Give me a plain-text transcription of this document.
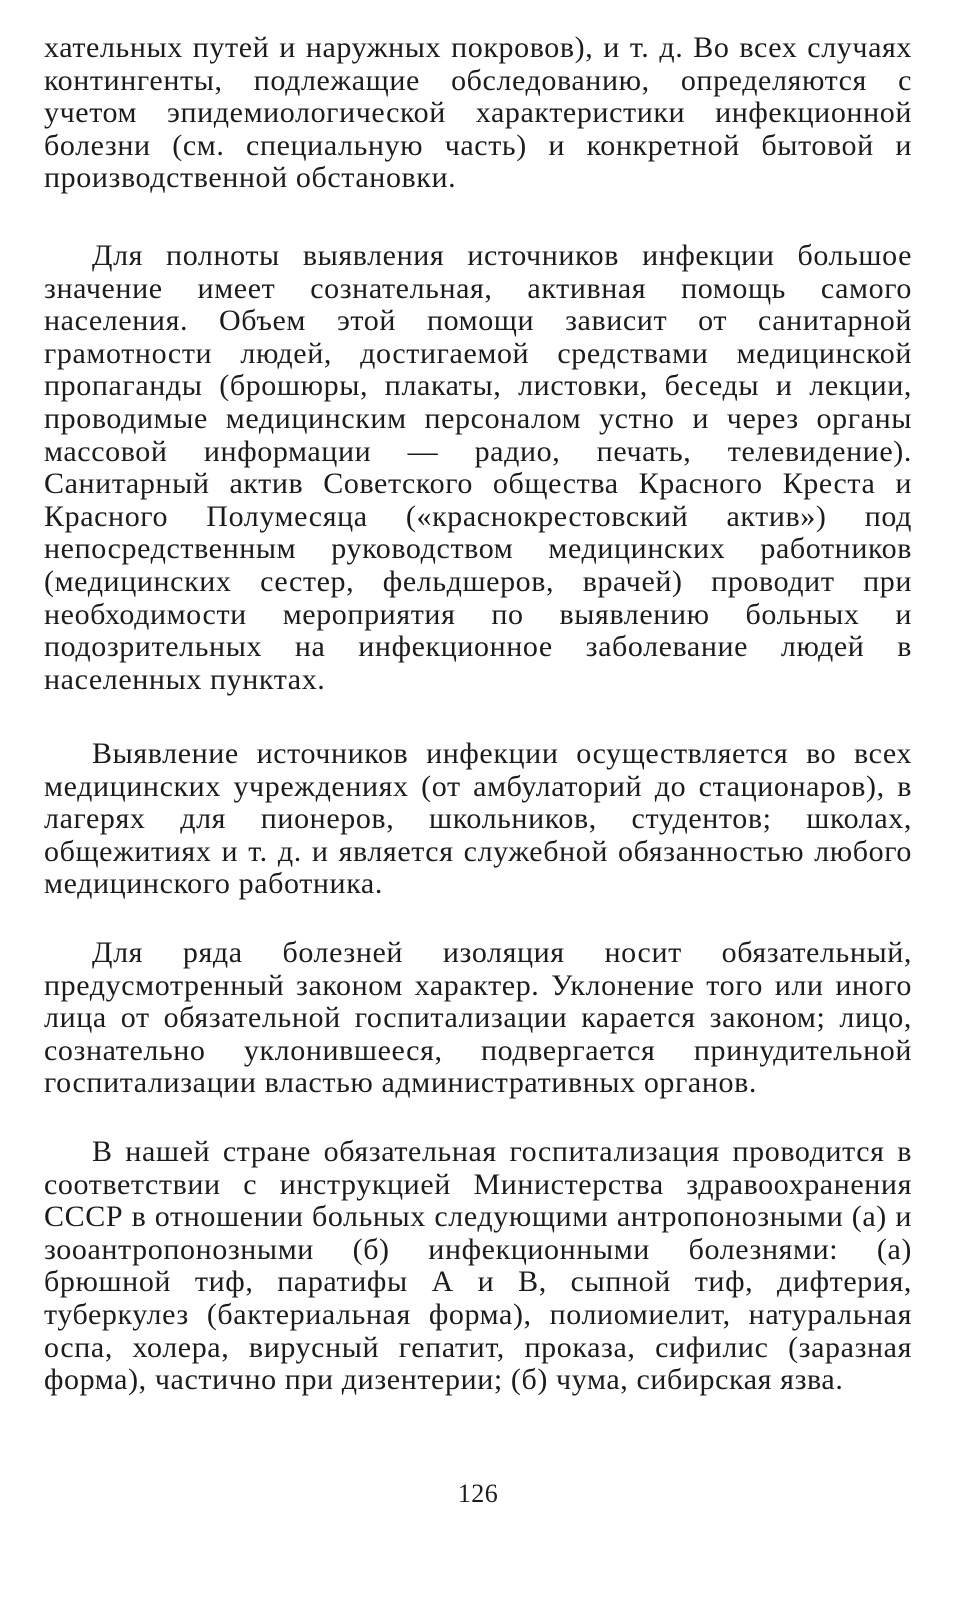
хательных путей и наружных покровов), и т. д. Во всех случаях контингенты, подлежащие обследованию, определяются с учетом эпидемиологической характеристики инфекционной болезни (см. специальную часть) и конкретной бытовой и производственной обстановки.

Для полноты выявления источников инфекции большое значение имеет сознательная, активная помощь самого населения. Объем этой помощи зависит от санитарной грамотности людей, достигаемой средствами медицинской пропаганды (брошюры, плакаты, листовки, беседы и лекции, проводимые медицинским персоналом устно и через органы массовой информации — радио, печать, телевидение). Санитарный актив Советского общества Красного Креста и Красного Полумесяца («краснокрестовский актив») под непосредственным руководством медицинских работников (медицинских сестер, фельдшеров, врачей) проводит при необходимости мероприятия по выявлению больных и подозрительных на инфекционное заболевание людей в населенных пунктах.

Выявление источников инфекции осуществляется во всех медицинских учреждениях (от амбулаторий до стационаров), в лагерях для пионеров, школьников, студентов; школах, общежитиях и т. д. и является служебной обязанностью любого медицинского работника.

Для ряда болезней изоляция носит обязательный, предусмотренный законом характер. Уклонение того или иного лица от обязательной госпитализации карается законом; лицо, сознательно уклонившееся, подвергается принудительной госпитализации властью административных органов.

В нашей стране обязательная госпитализация проводится в соответствии с инструкцией Министерства здравоохранения СССР в отношении больных следующими антропонозными (а) и зооантропонозными (б) инфекционными болезнями: (а) брюшной тиф, паратифы А и В, сыпной тиф, дифтерия, туберкулез (бактериальная форма), полиомиелит, натуральная оспа, холера, вирусный гепатит, проказа, сифилис (заразная форма), частично при дизентерии; (б) чума, сибирская язва.

126
